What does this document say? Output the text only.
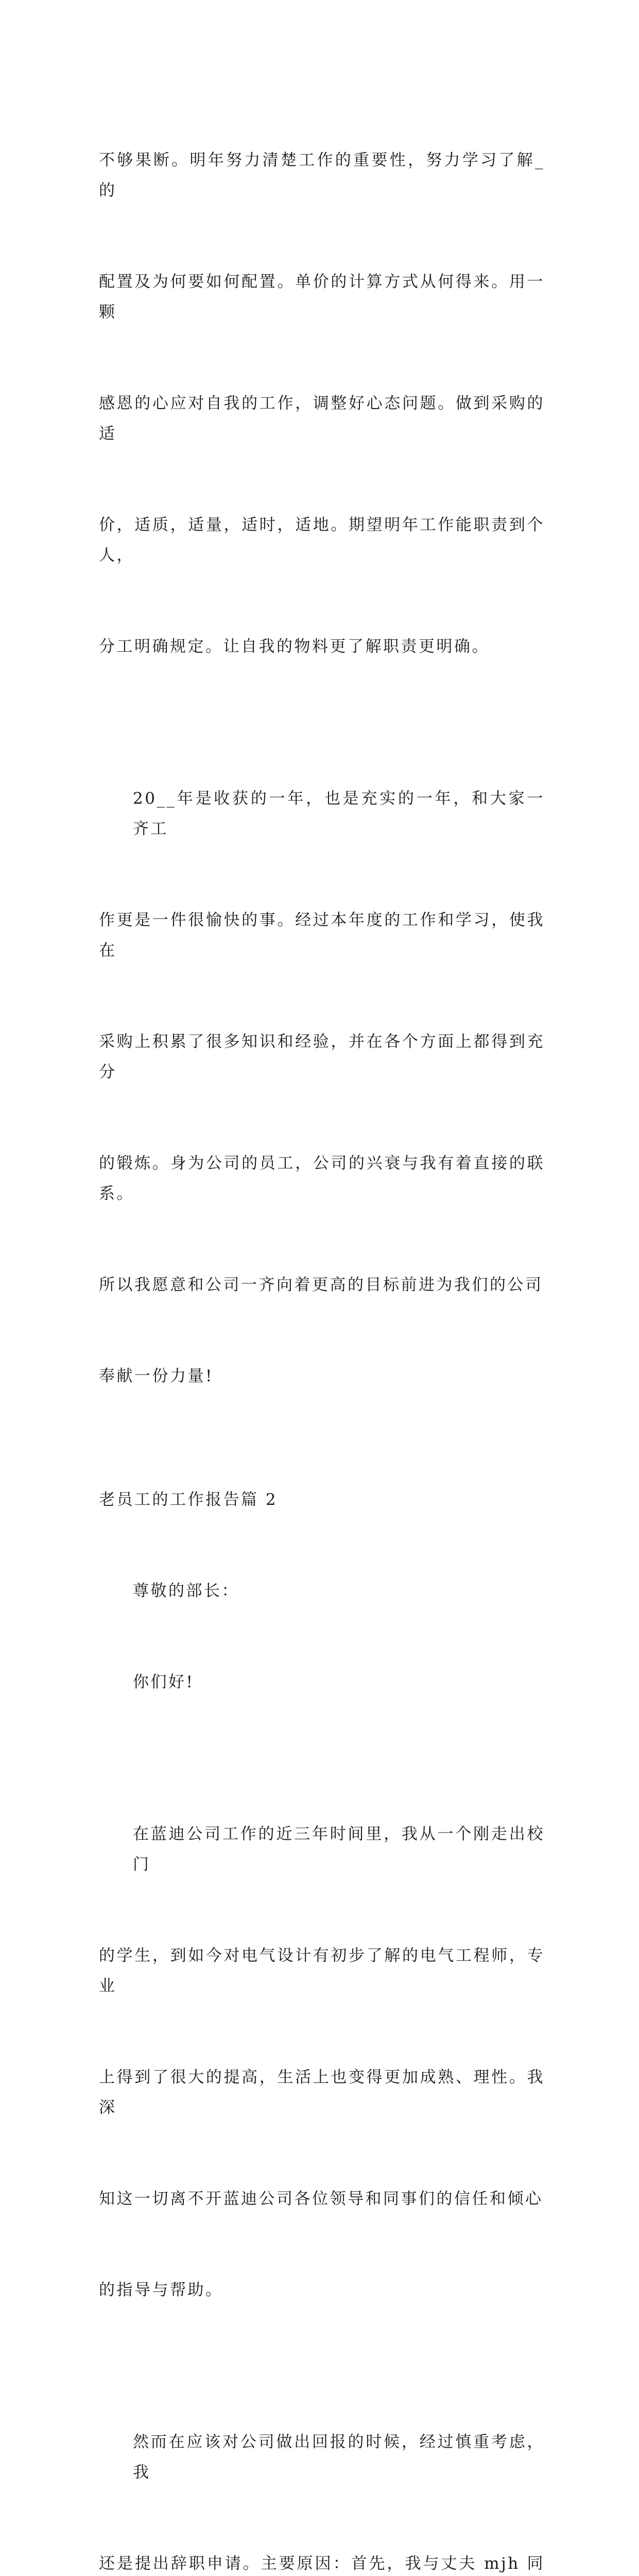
不够果断。明年努力清楚工作的重要性，努力学习了解_的

配置及为何要如何配置。单价的计算方式从何得来。用一颗

感恩的心应对自我的工作，调整好心态问题。做到采购的适

价，适质，适量，适时，适地。期望明年工作能职责到个人，

分工明确规定。让自我的物料更了解职责更明确。

20__年是收获的一年，也是充实的一年，和大家一齐工

作更是一件很愉快的事。经过本年度的工作和学习，使我在

采购上积累了很多知识和经验，并在各个方面上都得到充分

的锻炼。身为公司的员工，公司的兴衰与我有着直接的联系。

所以我愿意和公司一齐向着更高的目标前进为我们的公司

奉献一份力量!

老员工的工作报告篇 2

尊敬的部长：

你们好!

在蓝迪公司工作的近三年时间里，我从一个刚走出校门

的学生，到如今对电气设计有初步了解的电气工程师，专业

上得到了很大的提高，生活上也变得更加成熟、理性。我深

知这一切离不开蓝迪公司各位领导和同事们的信任和倾心

的指导与帮助。

然而在应该对公司做出回报的时候，经过慎重考虑，我

还是提出辞职申请。主要原因：首先，我与丈夫 mjh 同
